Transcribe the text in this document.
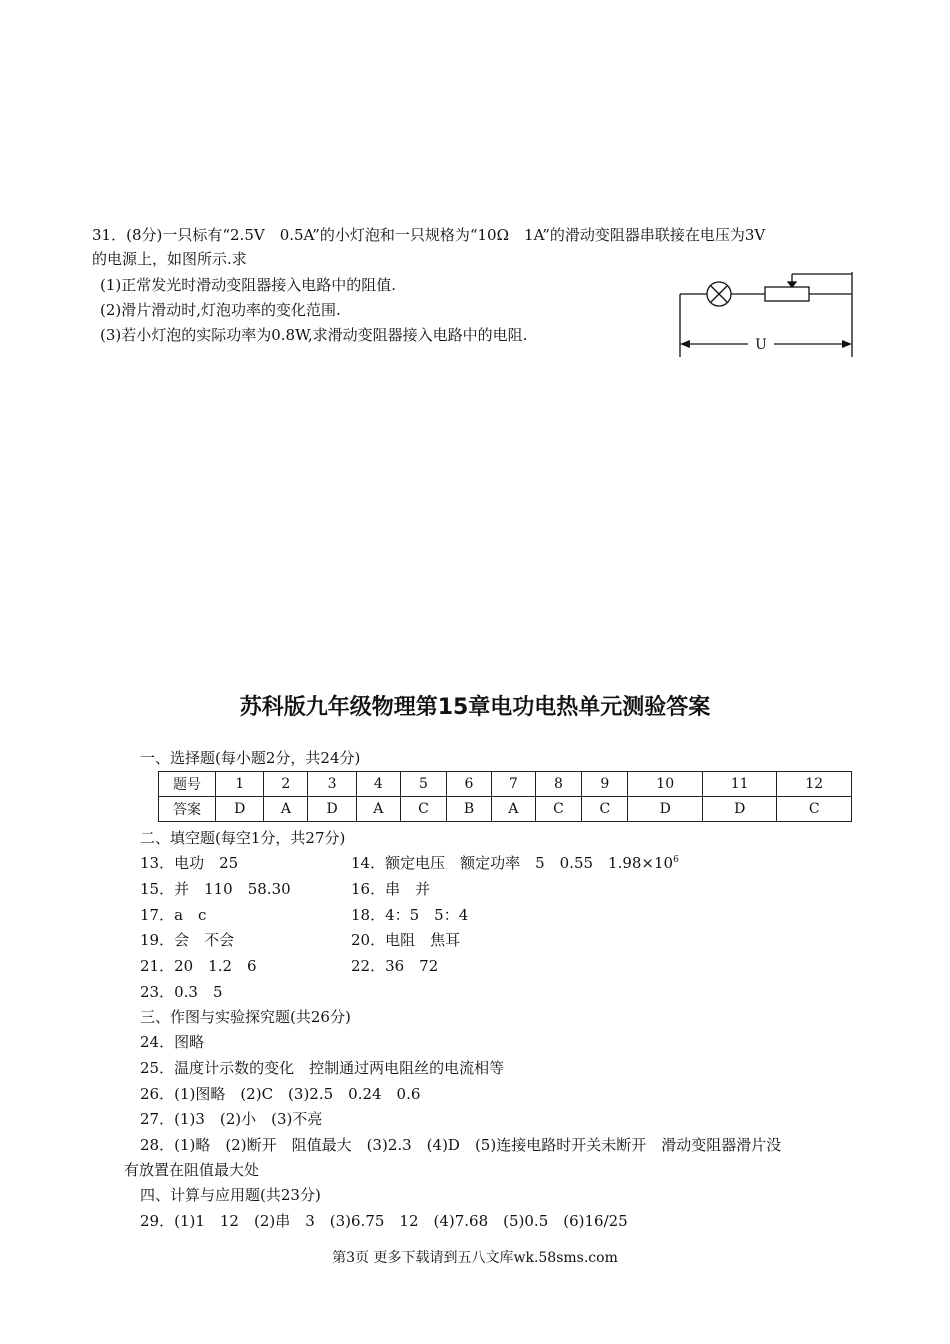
31．(8分)一只标有“2.5V　0.5A”的小灯泡和一只规格为“10Ω　1A”的滑动变阻器串联接在电压为3V
的电源上，如图所示.求
(1)正常发光时滑动变阻器接入电路中的阻值.
(2)滑片滑动时,灯泡功率的变化范围.
(3)若小灯泡的实际功率为0.8W,求滑动变阻器接入电路中的电阻.
U
苏科版九年级物理第15章电功电热单元测验答案
一、选择题(每小题2分，共24分)
题号	1	2	3	4	5	6	7	8	9	10	11	12
答案	D	A	D	A	C	B	A	C	C	D	D	C
二、填空题(每空1分，共27分)
13．电功　25	14．额定电压　额定功率　5　0.55　$1.98\times 10^6$
15．并　110　58.30	16．串　并
17．a　c	18．4：5　5：4
19．会　不会	20．电阻　焦耳
21．20　1.2　6	22．36　72
23．0.3　5
三、作图与实验探究题(共26分)
24．图略
25．温度计示数的变化　控制通过两电阻丝的电流相等
26．(1)图略　(2)C　(3)2.5　0.24　0.6
27．(1)3　(2)小　(3)不亮
28．(1)略　(2)断开　阻值最大　(3)2.3　(4)D　(5)连接电路时开关未断开　滑动变阻器滑片没
有放置在阻值最大处
四、计算与应用题(共23分)
29．(1)1　12　(2)串　3　(3)6.75　12　(4)7.68　(5)0.5　(6)16/25
第3页 更多下载请到五八文库wk.58sms.com
